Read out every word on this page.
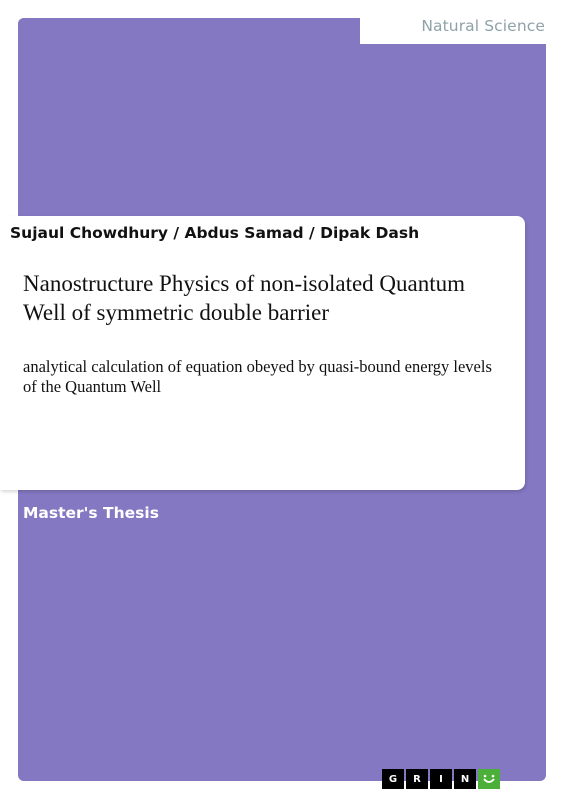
Natural Science
Sujaul Chowdhury / Abdus Samad / Dipak Dash
Nanostructure Physics of non-isolated Quantum Well of symmetric double barrier
analytical calculation of equation obeyed by quasi-bound energy levels of the Quantum Well
Master's Thesis
G	R	I	N
